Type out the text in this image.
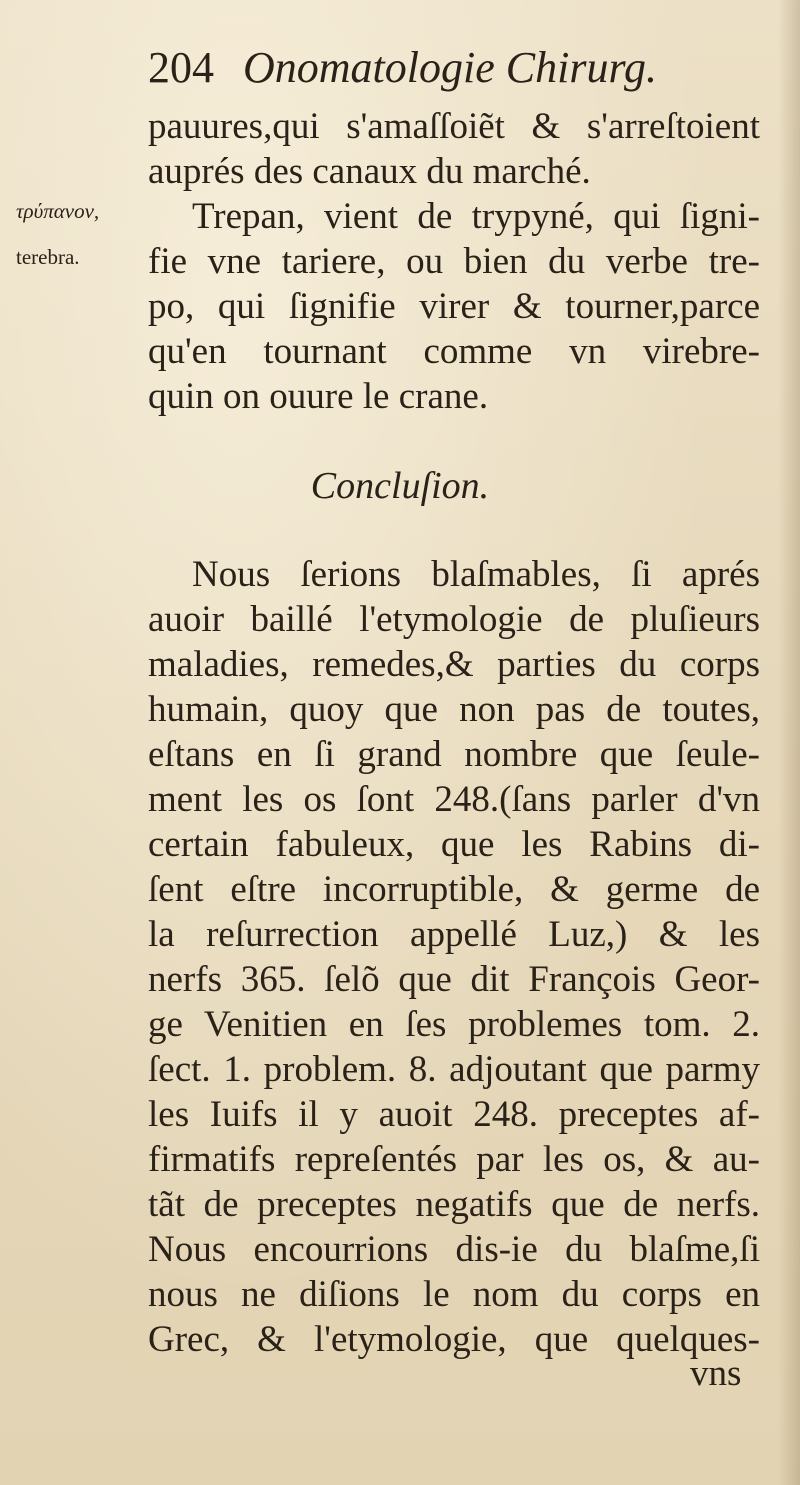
204 Onomatologie Chirurg.
τρύπανον,
terebra.
pauures,qui s'amaſſoiẽt & s'arreſtoient
auprés des canaux du marché.
Trepan, vient de trypyné, qui ſigni-
fie vne tariere, ou bien du verbe tre-
po, qui ſignifie virer & tourner,parce
qu'en tournant comme vn virebre-
quin on ouure le crane.
Concluſion.
Nous ſerions blaſmables, ſi aprés
auoir baillé l'etymologie de pluſieurs
maladies, remedes,& parties du corps
humain, quoy que non pas de toutes,
eſtans en ſi grand nombre que ſeule-
ment les os ſont 248.(ſans parler d'vn
certain fabuleux, que les Rabins di-
ſent eſtre incorruptible, & germe de
la reſurrection appellé Luz,) & les
nerfs 365. ſelõ que dit François Geor-
ge Venitien en ſes problemes tom. 2.
ſect. 1. problem. 8. adjoutant que parmy
les Iuifs il y auoit 248. preceptes af-
firmatifs repreſentés par les os, & au-
tãt de preceptes negatifs que de nerfs.
Nous encourrions dis-ie du blaſme,ſi
nous ne diſions le nom du corps en
Grec, & l'etymologie, que quelques-
vns
